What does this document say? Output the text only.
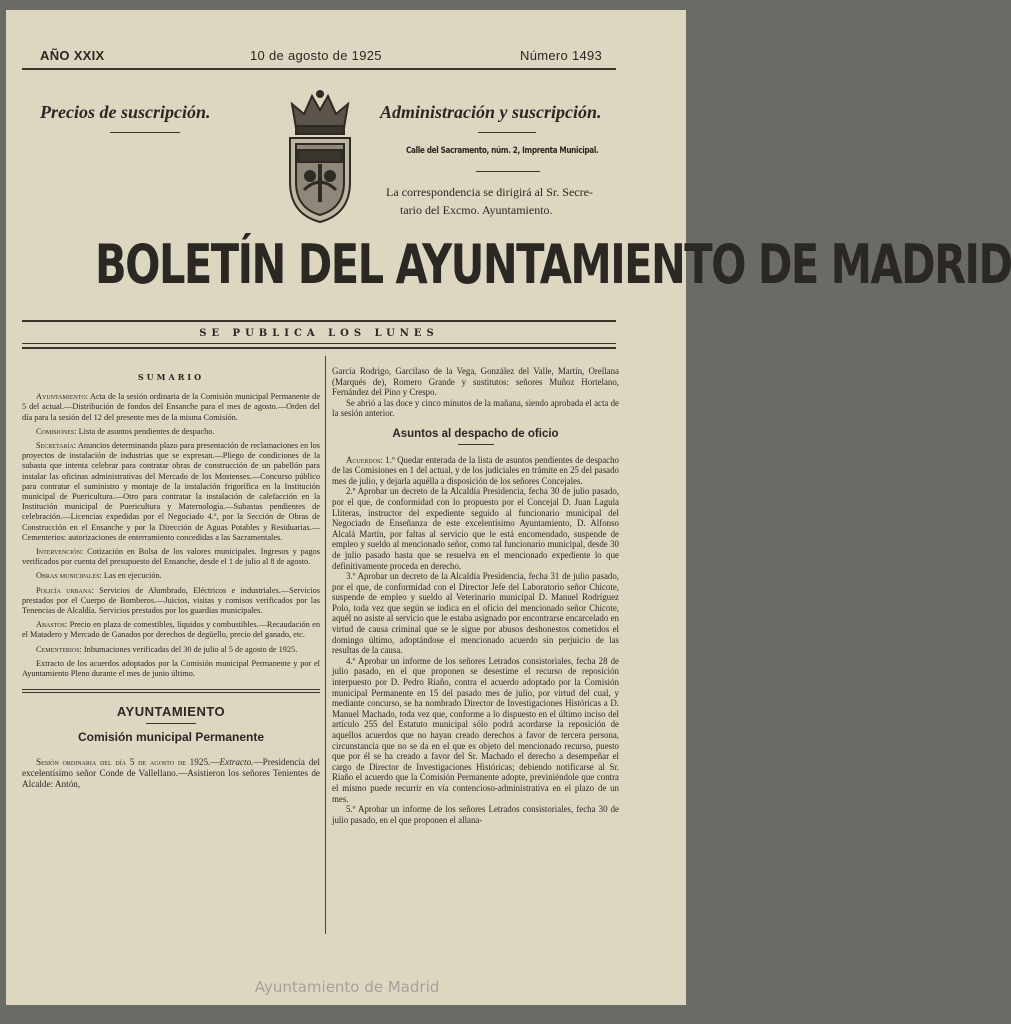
AÑO XXIX	10 de agosto de 1925	Número 1493
Precios de suscripción.	Administración y suscripción.
Calle del Sacramento, núm. 2, Imprenta Municipal.
La correspondencia se dirigirá al Sr. Secre-
tario del Excmo. Ayuntamiento.
BOLETÍN DEL AYUNTAMIENTO DE MADRID
SE PUBLICA LOS LUNES

SUMARIO

Ayuntamiento: Acta de la sesión ordinaria de la Comisión municipal Permanente de 5 del actual.—Distribución de fondos del Ensanche para el mes de agosto.—Orden del día para la sesión del 12 del presente mes de la misma Comisión.

Comisiones: Lista de asuntos pendientes de despacho.

Secretaría: Anuncios determinando plazo para presentación de reclamaciones en los proyectos de instalación de industrias que se expresan.—Pliego de condiciones de la subasta que intenta celebrar para contratar obras de construcción de un pabellón para instalar las oficinas administrativas del Mercado de los Mostenses.—Concurso público para contratar el suministro y montaje de la instalación frigorífica en la Institución municipal de Puericultura.—Otro para contratar la instalación de calefacción en la Institución municipal de Puericultura y Maternología.—Subastas pendientes de celebración.—Licencias expedidas por el Negociado 4.º, por la Sección de Obras de Construcción en el Ensanche y por la Dirección de Aguas Potables y Residuarias.—Cementerios: autorizaciones de enterramiento concedidas a las Sacramentales.

Intervención: Cotización en Bolsa de los valores municipales. Ingresos y pagos verificados por cuenta del presupuesto del Ensanche, desde el 1 de julio al 8 de agosto.

Obras municipales: Las en ejecución.

Policía urbana: Servicios de Alumbrado, Eléctricos e industriales.—Servicios prestados por el Cuerpo de Bomberos.—Juicios, visitas y comisos verificados por las Tenencias de Alcaldía. Servicios prestados por los guardias municipales.

Abastos: Precio en plaza de comestibles, líquidos y combustibles.—Recaudación en el Matadero y Mercado de Ganados por derechos de degüello, precio del ganado, etc.

Cementerios: Inhumaciones verificadas del 30 de julio al 5 de agosto de 1925.

Extracto de los acuerdos adoptados por la Comisión municipal Permanente y por el Ayuntamiento Pleno durante el mes de junio último.

AYUNTAMIENTO

Comisión municipal Permanente

Sesión ordinaria del día 5 de agosto de 1925.—Extracto.—Presidencia del excelentísimo señor Conde de Vallellano.—Asistieron los señores Tenientes de Alcalde: Antón,

García Rodrigo, Garcilaso de la Vega, González del Valle, Martín, Orellana (Marqués de), Romero Grande y sustitutos: señores Muñoz Hortelano, Fernández del Pino y Crespo.

Se abrió a las doce y cinco minutos de la mañana, siendo aprobada el acta de la sesión anterior.

Asuntos al despacho de oficio

Acuerdos: 1.º Quedar enterada de la lista de asuntos pendientes de despacho de las Comisiones en 1 del actual, y de los judiciales en trámite en 25 del pasado mes de julio, y dejarla aquélla a disposición de los señores Concejales.

2.º Aprobar un decreto de la Alcaldía Presidencia, fecha 30 de julio pasado, por el que, de conformidad con lo propuesto por el Concejal D. Juan Lagula Lliteras, instructor del expediente seguido al funcionario municipal del Negociado de Enseñanza de este excelentísimo Ayuntamiento, D. Alfonso Alcalá Martín, por faltas al servicio que le está encomendado, suspende de empleo y sueldo al mencionado señor, como tal funcionario municipal, desde 30 de julio pasado hasta que se resuelva en el mencionado expediente lo que definitivamente proceda en derecho.

3.º Aprobar un decreto de la Alcaldía Presidencia, fecha 31 de julio pasado, por el que, de conformidad con el Director Jefe del Laboratorio señor Chicote, suspende de empleo y sueldo al Veterinario municipal D. Manuel Rodríguez Polo, toda vez que según se indica en el oficio del mencionado señor Chicote, aquél no asiste al servicio que le estaba asignado por encontrarse encarcelado en virtud de causa criminal que se le sigue por abusos deshonestos cometidos el domingo último, adoptándose el mencionado acuerdo sin perjuicio de las resultas de la causa.

4.º Aprobar un informe de los señores Letrados consistoriales, fecha 28 de julio pasado, en el que proponen se desestime el recurso de reposición interpuesto por D. Pedro Riaño, contra el acuerdo adoptado por la Comisión municipal Permanente en 15 del pasado mes de julio, por virtud del cual, y mediante concurso, se ha nombrado Director de Investigaciones Históricas a D. Manuel Machado, toda vez que, conforme a lo dispuesto en el último inciso del artículo 255 del Estatuto municipal sólo podrá acordarse la reposición de aquellos acuerdos que no hayan creado derechos a favor de tercera persona, circunstancia que no se da en el que es objeto del mencionado recurso, puesto que por él se ha creado a favor del Sr. Machado el derecho a desempeñar el cargo de Director de Investigaciones Históricas; debiendo notificarse al Sr. Riaño el acuerdo que la Comisión Permanente adopte, previniéndole que contra el mismo puede recurrir en vía contencioso-administrativa en el plazo de un mes.

5.º Aprobar un informe de los señores Letrados consistoriales, fecha 30 de julio pasado, en el que proponen el allana-

Ayuntamiento de Madrid
